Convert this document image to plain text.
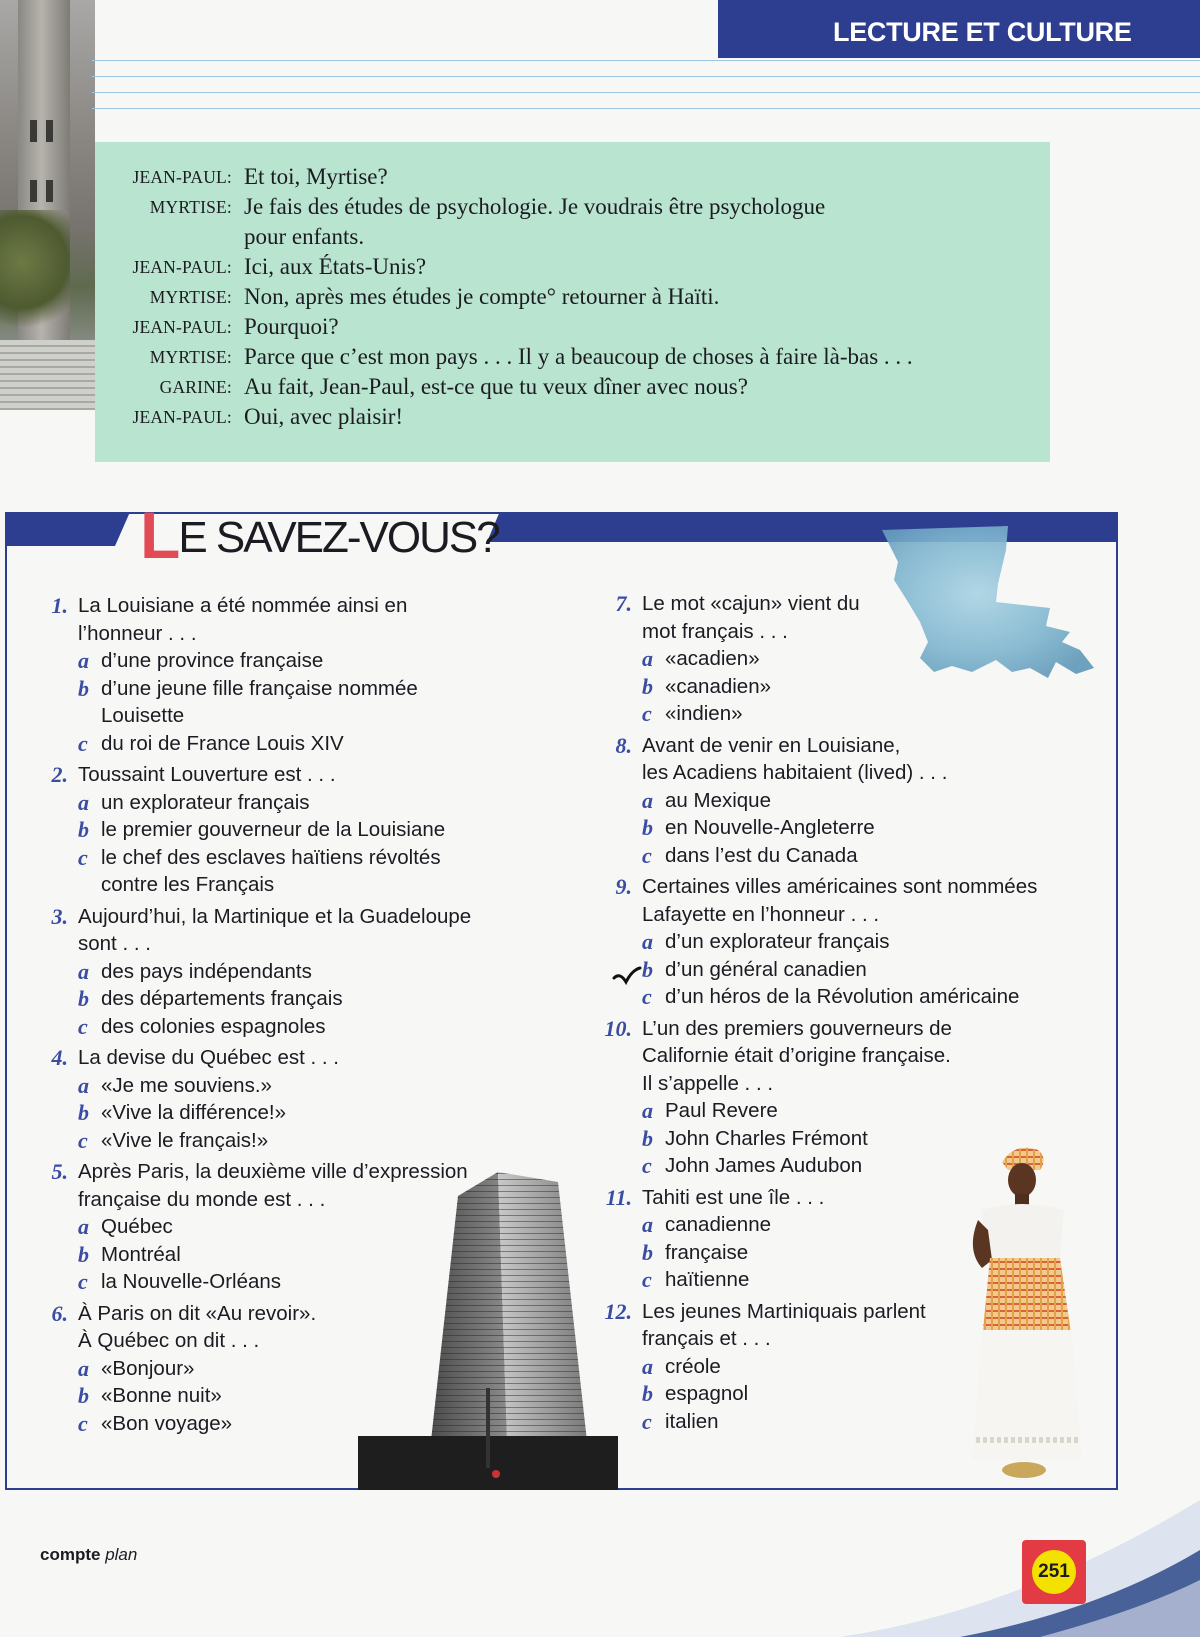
LECTURE ET CULTURE
JEAN-PAUL: Et toi, Myrtise?
MYRTISE: Je fais des études de psychologie. Je voudrais être psychologue
pour enfants.
JEAN-PAUL: Ici, aux États-Unis?
MYRTISE: Non, après mes études je compte° retourner à Haïti.
JEAN-PAUL: Pourquoi?
MYRTISE: Parce que c’est mon pays . . . Il y a beaucoup de choses à faire là-bas . . .
GARINE: Au fait, Jean-Paul, est-ce que tu veux dîner avec nous?
JEAN-PAUL: Oui, avec plaisir!
LE SAVEZ-VOUS?
1. La Louisiane a été nommée ainsi en
l’honneur . . .
a d’une province française
b d’une jeune fille française nommée
Louisette
c du roi de France Louis XIV
2. Toussaint Louverture est . . .
a un explorateur français
b le premier gouverneur de la Louisiane
c le chef des esclaves haïtiens révoltés
contre les Français
3. Aujourd’hui, la Martinique et la Guadeloupe
sont . . .
a des pays indépendants
b des départements français
c des colonies espagnoles
4. La devise du Québec est . . .
a «Je me souviens.»
b «Vive la différence!»
c «Vive le français!»
5. Après Paris, la deuxième ville d’expression
française du monde est . . .
a Québec
b Montréal
c la Nouvelle-Orléans
6. À Paris on dit «Au revoir».
À Québec on dit . . .
a «Bonjour»
b «Bonne nuit»
c «Bon voyage»
7. Le mot «cajun» vient du
mot français . . .
a «acadien»
b «canadien»
c «indien»
8. Avant de venir en Louisiane,
les Acadiens habitaient (lived) . . .
a au Mexique
b en Nouvelle-Angleterre
c dans l’est du Canada
9. Certaines villes américaines sont nommées
Lafayette en l’honneur . . .
a d’un explorateur français
b d’un général canadien
c d’un héros de la Révolution américaine
10. L’un des premiers gouverneurs de
Californie était d’origine française.
Il s’appelle . . .
a Paul Revere
b John Charles Frémont
c John James Audubon
11. Tahiti est une île . . .
a canadienne
b française
c haïtienne
12. Les jeunes Martiniquais parlent
français et . . .
a créole
b espagnol
c italien
compte plan
251
